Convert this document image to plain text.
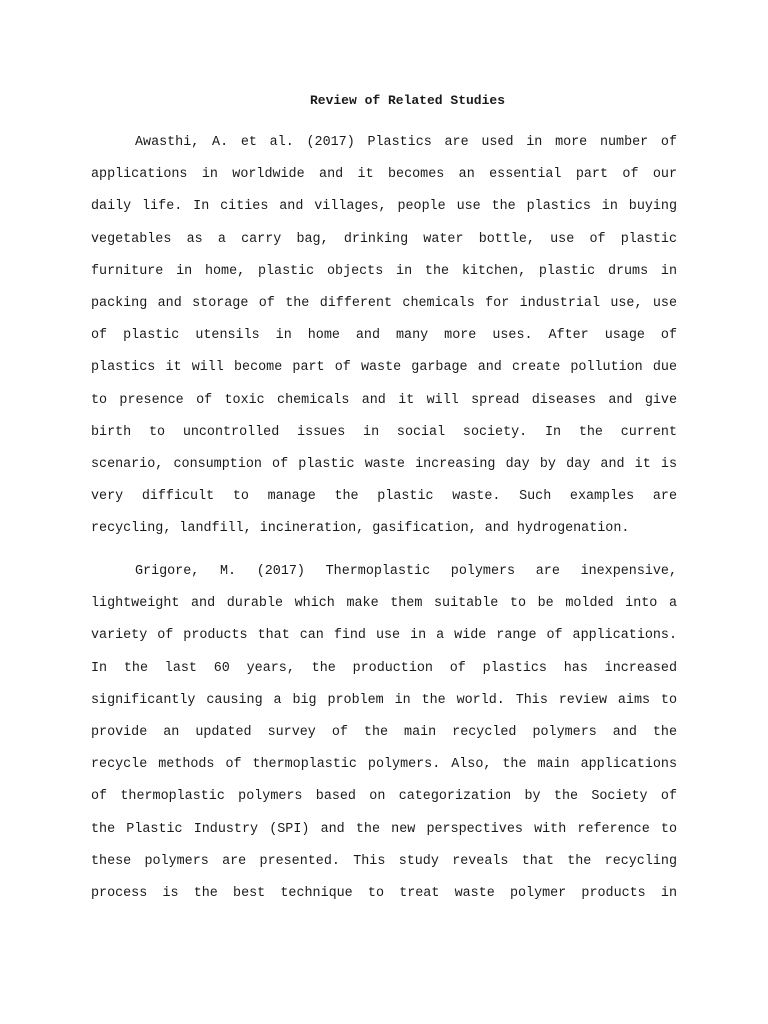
Review of Related Studies
Awasthi, A. et al. (2017) Plastics are used in more number of
applications in worldwide and it becomes an essential part of our
daily life. In cities and villages, people use the plastics in buying
vegetables as a carry bag, drinking water bottle, use of plastic
furniture in home, plastic objects in the kitchen, plastic drums in
packing and storage of the different chemicals for industrial use, use
of plastic utensils in home and many more uses. After usage of
plastics it will become part of waste garbage and create pollution due
to presence of toxic chemicals and it will spread diseases and give
birth to uncontrolled issues in social society. In the current
scenario, consumption of plastic waste increasing day by day and it is
very difficult to manage the plastic waste. Such examples are
recycling, landfill, incineration, gasification, and hydrogenation.
Grigore, M. (2017) Thermoplastic polymers are inexpensive,
lightweight and durable which make them suitable to be molded into a
variety of products that can find use in a wide range of applications.
In the last 60 years, the production of plastics has increased
significantly causing a big problem in the world. This review aims to
provide an updated survey of the main recycled polymers and the
recycle methods of thermoplastic polymers. Also, the main applications
of thermoplastic polymers based on categorization by the Society of
the Plastic Industry (SPI) and the new perspectives with reference to
these polymers are presented. This study reveals that the recycling
process is the best technique to treat waste polymer products in
